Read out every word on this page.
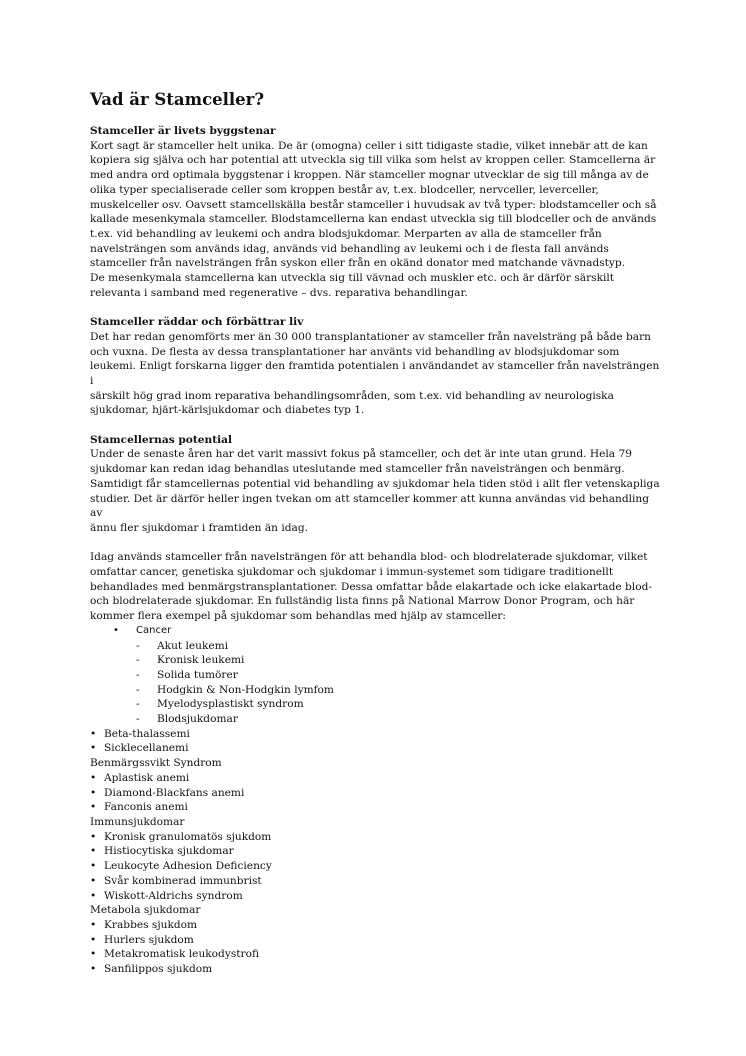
Vad är Stamceller?
Stamceller är livets byggstenar

Kort sagt är stamceller helt unika. De är (omogna) celler i sitt tidigaste stadie, vilket innebär att de kan

kopiera sig själva och har potential att utveckla sig till vilka som helst av kroppen celler. Stamcellerna är

med andra ord optimala byggstenar i kroppen. När stamceller mognar utvecklar de sig till många av de

olika typer specialiserade celler som kroppen består av, t.ex. blodceller, nervceller, leverceller,

muskelceller osv. Oavsett stamcellskälla består stamceller i huvudsak av två typer: blodstamceller och så

kallade mesenkymala stamceller. Blodstamcellerna kan endast utveckla sig till blodceller och de används

t.ex. vid behandling av leukemi och andra blodsjukdomar. Merparten av alla de stamceller från

navelsträngen som används idag, används vid behandling av leukemi och i de flesta fall används

stamceller från navelsträngen från syskon eller från en okänd donator med matchande vävnadstyp.

De mesenkymala stamcellerna kan utveckla sig till vävnad och muskler etc. och är därför särskilt

relevanta i samband med regenerative – dvs. reparativa behandlingar.

Stamceller räddar och förbättrar liv

Det har redan genomförts mer än 30 000 transplantationer av stamceller från navelsträng på både barn

och vuxna. De flesta av dessa transplantationer har använts vid behandling av blodsjukdomar som

leukemi. Enligt forskarna ligger den framtida potentialen i användandet av stamceller från navelsträngen i

särskilt hög grad inom reparativa behandlingsområden, som t.ex. vid behandling av neurologiska

sjukdomar, hjärt-kärlsjukdomar och diabetes typ 1.

Stamcellernas potential

Under de senaste åren har det varit massivt fokus på stamceller, och det är inte utan grund. Hela 79

sjukdomar kan redan idag behandlas uteslutande med stamceller från navelsträngen och benmärg.

Samtidigt får stamcellernas potential vid behandling av sjukdomar hela tiden stöd i allt fler vetenskapliga

studier. Det är därför heller ingen tvekan om att stamceller kommer att kunna användas vid behandling av

ännu fler sjukdomar i framtiden än idag.

Idag används stamceller från navelsträngen för att behandla blod- och blodrelaterade sjukdomar, vilket

omfattar cancer, genetiska sjukdomar och sjukdomar i immun-systemet som tidigare traditionellt

behandlades med benmärgstransplantationer. Dessa omfattar både elakartade och icke elakartade blod-

och blodrelaterade sjukdomar. En fullständig lista finns på National Marrow Donor Program, och här

kommer flera exempel på sjukdomar som behandlas med hjälp av stamceller:

• Cancer
- Akut leukemi
- Kronisk leukemi
- Solida tumörer
- Hodgkin & Non-Hodgkin lymfom
- Myelodysplastiskt syndrom
- Blodsjukdomar
• Beta-thalassemi
• Sicklecellanemi

Benmärgssvikt Syndrom

• Aplastisk anemi
• Diamond-Blackfans anemi
• Fanconis anemi

Immunsjukdomar

• Kronisk granulomatös sjukdom
• Histiocytiska sjukdomar
• Leukocyte Adhesion Deficiency
• Svår kombinerad immunbrist
• Wiskott-Aldrichs syndrom

Metabola sjukdomar

• Krabbes sjukdom
• Hurlers sjukdom
• Metakromatisk leukodystrofi
• Sanfilippos sjukdom
